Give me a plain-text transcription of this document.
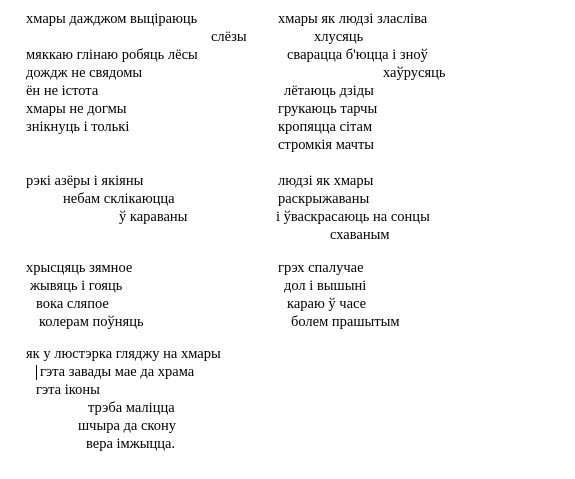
хмары дажджом выціраюць
слёзы
мяккаю глінаю робяць лёсы
дождж не свядомы
ён не істота
хмары не догмы
знікнуць і толькі
рэкі азёры і якіяны
небам склікаюцца
ў караваны
хрысцяць зямное
жывяць і гояць
вока сляпое
колерам поўняць
як у люстэрка гляджу на хмары
гэта завады мае да храма
гэта іконы
трэба маліцца
шчыра да скону
вера імжыцца.
хмары як людзі зласліва
хлусяць
сварацца б'юцца і зноў
хаўрусяць
лётаюць дзіды
грукаюць тарчы
кропяцца сітам
стромкія мачты
людзі як хмары
раскрыжаваны
і ўваскрасаюць на сонцы
схаваным
грэх спалучае
дол і вышыні
караю ў часе
болем прашытым
